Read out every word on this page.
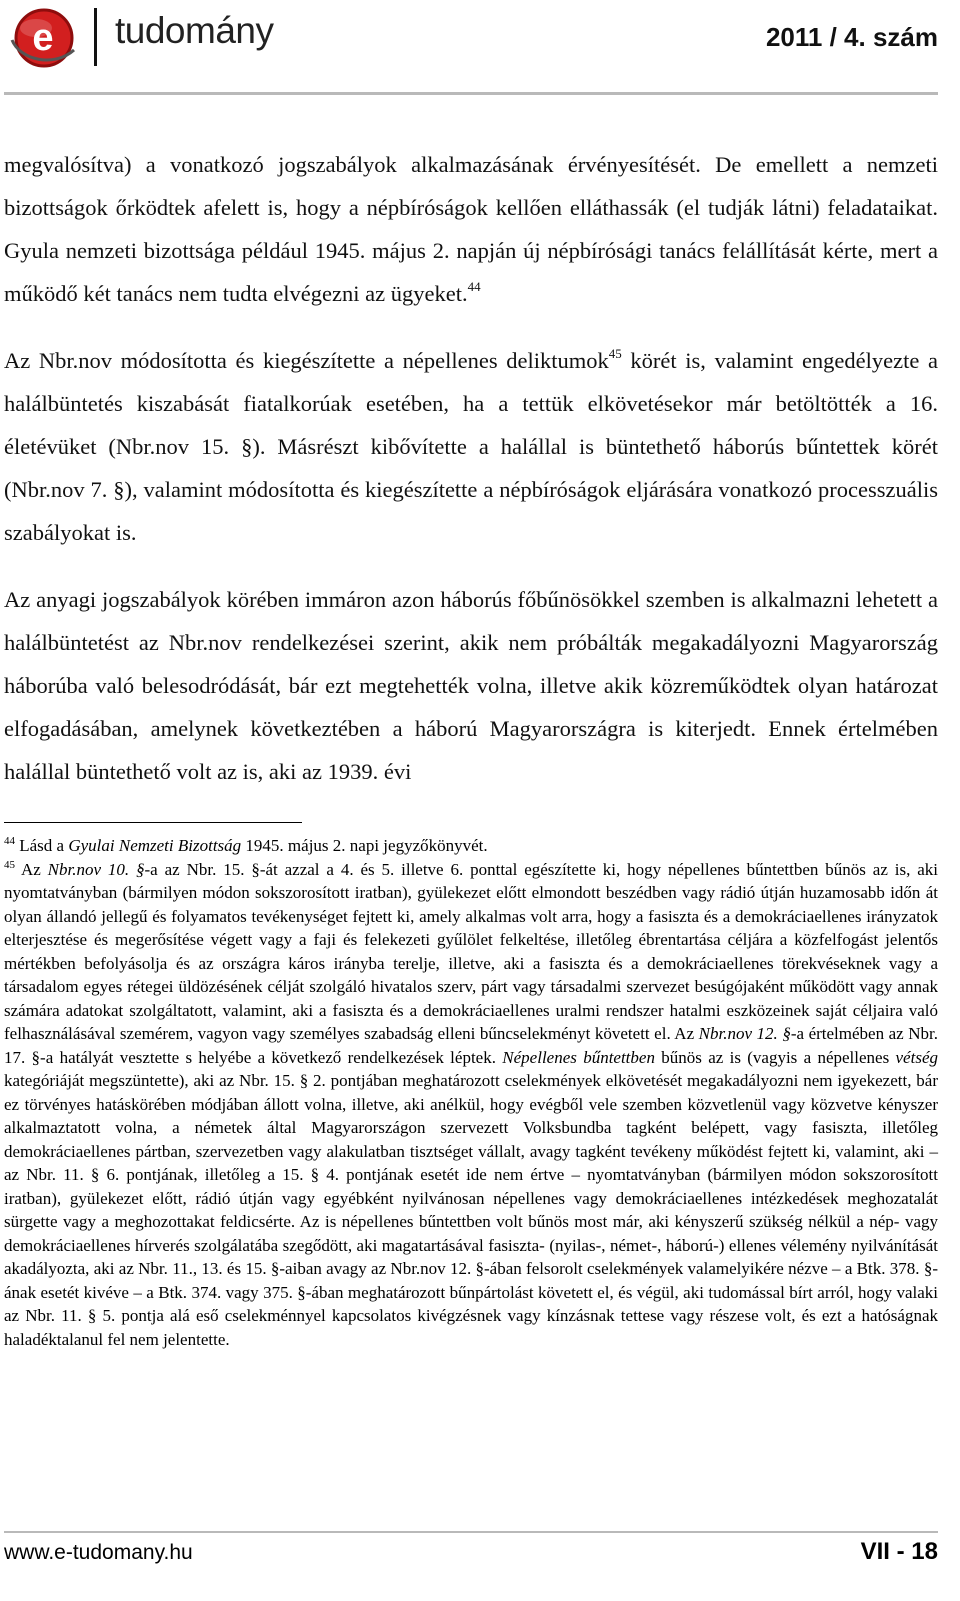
e tudomány	2011 / 4. szám

megvalósítva) a vonatkozó jogszabályok alkalmazásának érvényesítését. De emellett a nemzeti bizottságok őrködtek afelett is, hogy a népbíróságok kellően elláthassák (el tudják látni) feladataikat. Gyula nemzeti bizottsága például 1945. május 2. napján új népbírósági tanács felállítását kérte, mert a működő két tanács nem tudta elvégezni az ügyeket.$^{44}$

Az Nbr.nov módosította és kiegészítette a népellenes deliktumok$^{45}$ körét is, valamint engedélyezte a halálbüntetés kiszabását fiatalkorúak esetében, ha a tettük elkövetésekor már betöltötték a 16. életévüket (Nbr.nov 15. §). Másrészt kibővítette a halállal is büntethető háborús bűntettek körét (Nbr.nov 7. §), valamint módosította és kiegészítette a népbíróságok eljárására vonatkozó processzuális szabályokat is.

Az anyagi jogszabályok körében immáron azon háborús főbűnösökkel szemben is alkalmazni lehetett a halálbüntetést az Nbr.nov rendelkezései szerint, akik nem próbálták megakadályozni Magyarország háborúba való belesodródását, bár ezt megtehették volna, illetve akik közreműködtek olyan határozat elfogadásában, amelynek következtében a háború Magyarországra is kiterjedt. Ennek értelmében halállal büntethető volt az is, aki az 1939. évi

$^{44}$ Lásd a Gyulai Nemzeti Bizottság 1945. május 2. napi jegyzőkönyvét.

$^{45}$ Az Nbr.nov 10. §-a az Nbr. 15. §-át azzal a 4. és 5. illetve 6. ponttal egészítette ki, hogy népellenes bűntettben bűnös az is, aki nyomtatványban (bármilyen módon sokszorosított iratban), gyülekezet előtt elmondott beszédben vagy rádió útján huzamosabb időn át olyan állandó jellegű és folyamatos tevékenységet fejtett ki, amely alkalmas volt arra, hogy a fasiszta és a demokráciaellenes irányzatok elterjesztése és megerősítése végett vagy a faji és felekezeti gyűlölet felkeltése, illetőleg ébrentartása céljára a közfelfogást jelentős mértékben befolyásolja és az országra káros irányba terelje, illetve, aki a fasiszta és a demokráciaellenes törekvéseknek vagy a társadalom egyes rétegei üldözésének célját szolgáló hivatalos szerv, párt vagy társadalmi szervezet besúgójaként működött vagy annak számára adatokat szolgáltatott, valamint, aki a fasiszta és a demokráciaellenes uralmi rendszer hatalmi eszközeinek saját céljaira való felhasználásával szemérem, vagyon vagy személyes szabadság elleni bűncselekményt követett el. Az Nbr.nov 12. §-a értelmében az Nbr. 17. §-a hatályát vesztette s helyébe a következő rendelkezések léptek. Népellenes bűntettben bűnös az is (vagyis a népellenes vétség kategóriáját megszüntette), aki az Nbr. 15. § 2. pontjában meghatározott cselekmények elkövetését megakadályozni nem igyekezett, bár ez törvényes hatáskörében módjában állott volna, illetve, aki anélkül, hogy evégből vele szemben közvetlenül vagy közvetve kényszer alkalmaztatott volna, a németek által Magyarországon szervezett Volksbundba tagként belépett, vagy fasiszta, illetőleg demokráciaellenes pártban, szervezetben vagy alakulatban tisztséget vállalt, avagy tagként tevékeny működést fejtett ki, valamint, aki – az Nbr. 11. § 6. pontjának, illetőleg a 15. § 4. pontjának esetét ide nem értve – nyomtatványban (bármilyen módon sokszorosított iratban), gyülekezet előtt, rádió útján vagy egyébként nyilvánosan népellenes vagy demokráciaellenes intézkedések meghozatalát sürgette vagy a meghozottakat feldicsérte. Az is népellenes bűntettben volt bűnös most már, aki kényszerű szükség nélkül a nép- vagy demokráciaellenes hírverés szolgálatába szegődött, aki magatartásával fasiszta- (nyilas-, német-, háború-) ellenes vélemény nyilvánítását akadályozta, aki az Nbr. 11., 13. és 15. §-aiban avagy az Nbr.nov 12. §-ában felsorolt cselekmények valamelyikére nézve – a Btk. 378. §-ának esetét kivéve – a Btk. 374. vagy 375. §-ában meghatározott bűnpártolást követett el, és végül, aki tudomással bírt arról, hogy valaki az Nbr. 11. § 5. pontja alá eső cselekménnyel kapcsolatos kivégzésnek vagy kínzásnak tettese vagy részese volt, és ezt a hatóságnak haladéktalanul fel nem jelentette.

www.e-tudomany.hu	VII - 18
